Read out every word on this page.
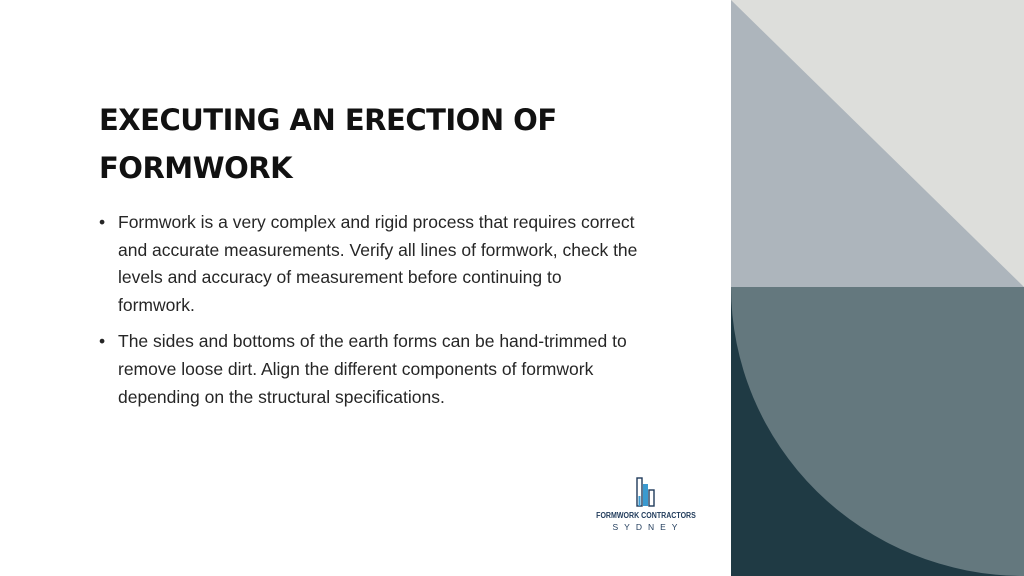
EXECUTING AN ERECTION OF FORMWORK
• Formwork is a very complex and rigid process that requires correct and accurate measurements. Verify all lines of formwork, check the levels and accuracy of measurement before continuing to formwork.
• The sides and bottoms of the earth forms can be hand-trimmed to remove loose dirt. Align the different components of formwork depending on the structural specifications.
FORMWORK CONTRACTORS
SYDNEY
